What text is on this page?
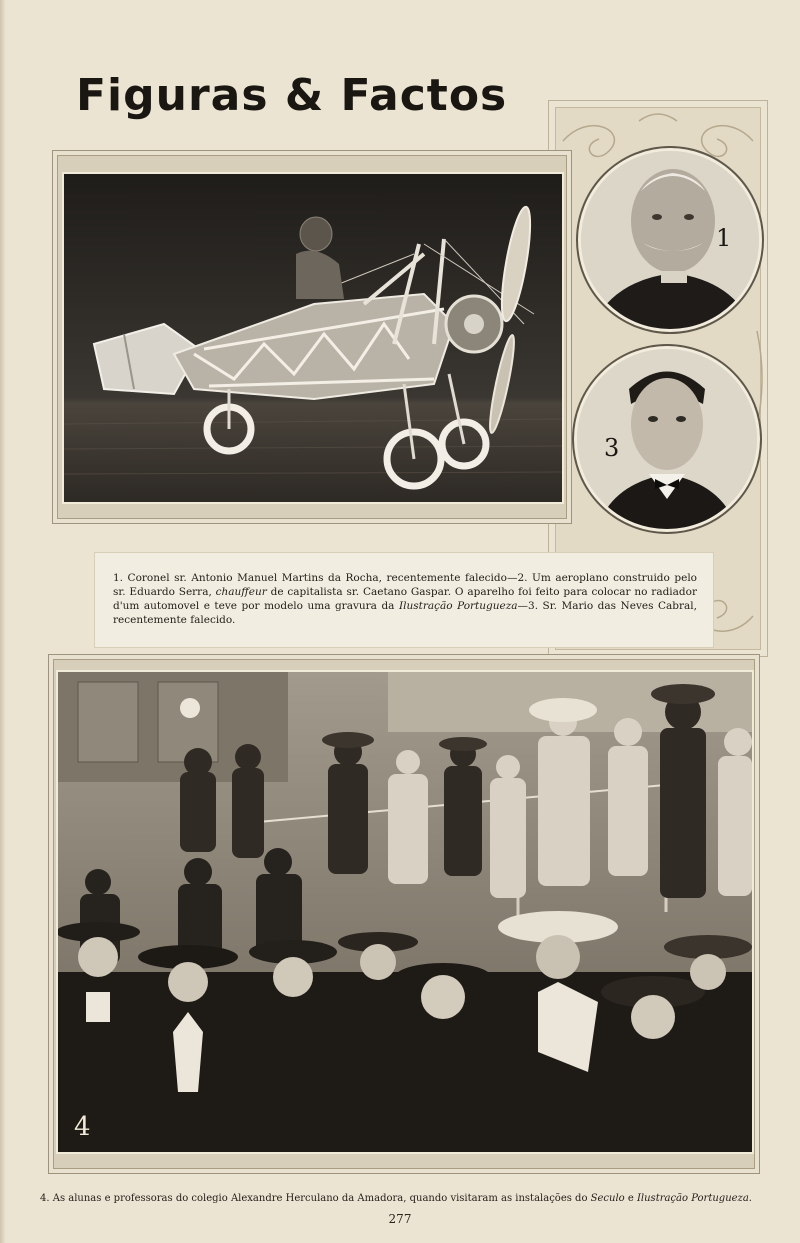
Figuras & Factos
1
3

1. Coronel sr. Antonio Manuel Martins da Rocha, recentemente falecido—2. Um aeroplano construido pelo sr. Eduardo Serra, chauffeur de capitalista sr. Caetano Gaspar. O aparelho foi feito para colocar no radiador d'um automovel e teve por modelo uma gravura da Ilustração Portugueza—3. Sr. Mario das Neves Cabral, recentemente falecido.

4

4. As alunas e professoras do colegio Alexandre Herculano da Amadora, quando visitaram as instalações do Seculo e Ilustração Portugueza.

277
